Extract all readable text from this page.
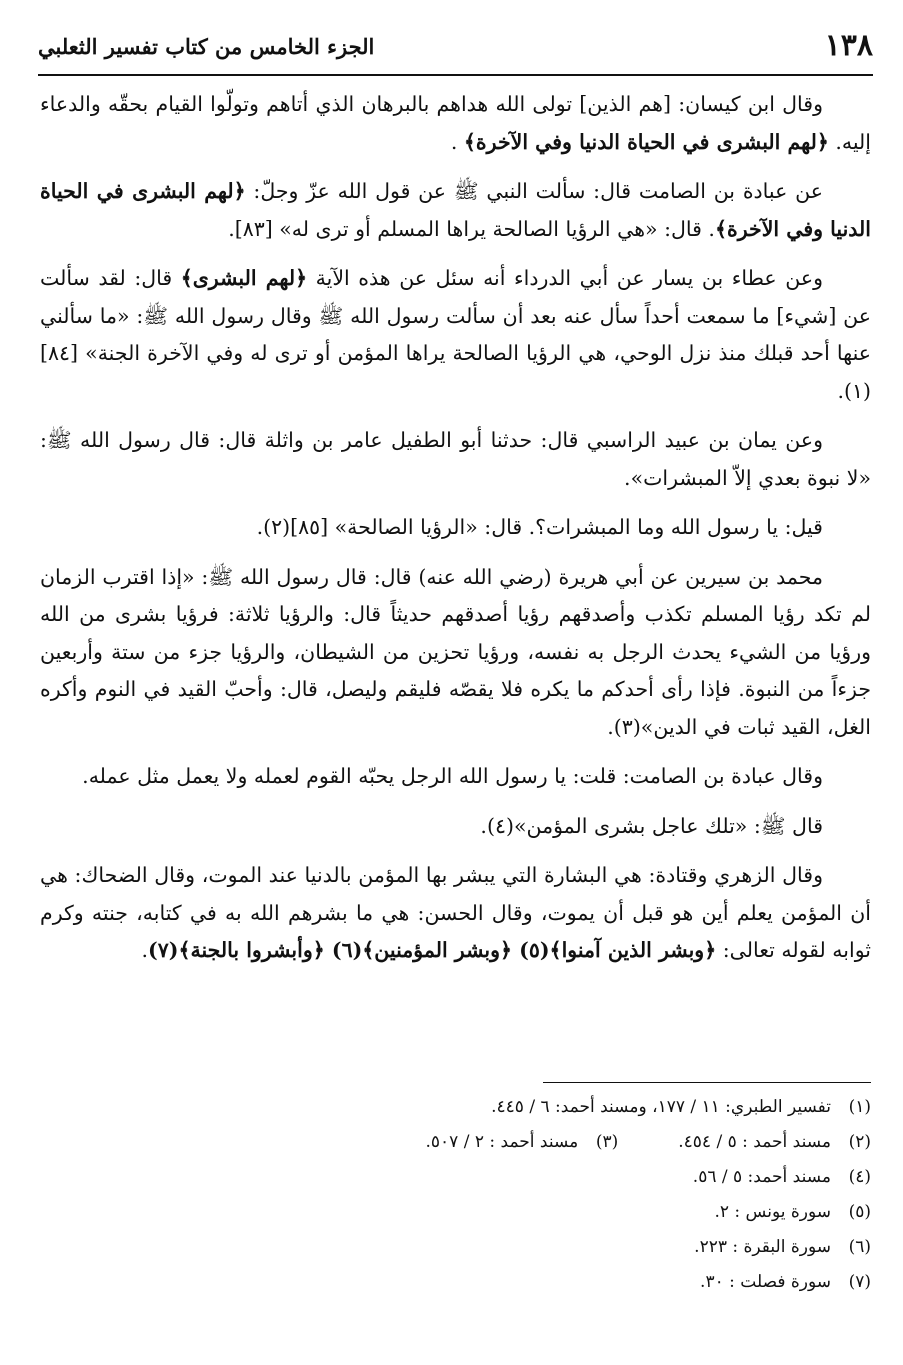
١٣٨
الجزء الخامس من كتاب تفسير الثعلبي

وقال ابن كيسان: [هم الذين] تولى الله هداهم بالبرهان الذي أتاهم وتولّوا القيام بحقّه والدعاء إليه. ﴿لهم البشرى في الحياة الدنيا وفي الآخرة﴾ .

عن عبادة بن الصامت قال: سألت النبي ﷺ عن قول الله عزّ وجلّ: ﴿لهم البشرى في الحياة الدنيا وفي الآخرة﴾. قال: «هي الرؤيا الصالحة يراها المسلم أو ترى له» [٨٣].

وعن عطاء بن يسار عن أبي الدرداء أنه سئل عن هذه الآية ﴿لهم البشرى﴾ قال: لقد سألت عن [شيء] ما سمعت أحداً سأل عنه بعد أن سألت رسول الله ﷺ وقال رسول الله ﷺ: «ما سألني عنها أحد قبلك منذ نزل الوحي، هي الرؤيا الصالحة يراها المؤمن أو ترى له وفي الآخرة الجنة» [٨٤](١).

وعن يمان بن عبيد الراسبي قال: حدثنا أبو الطفيل عامر بن واثلة قال: قال رسول الله ﷺ: «لا نبوة بعدي إلاّ المبشرات».

قيل: يا رسول الله وما المبشرات؟. قال: «الرؤيا الصالحة» [٨٥](٢).

محمد بن سيرين عن أبي هريرة (رضي الله عنه) قال: قال رسول الله ﷺ: «إذا اقترب الزمان لم تكد رؤيا المسلم تكذب وأصدقهم رؤيا أصدقهم حديثاً قال: والرؤيا ثلاثة: فرؤيا بشرى من الله ورؤيا من الشيء يحدث الرجل به نفسه، ورؤيا تحزين من الشيطان، والرؤيا جزء من ستة وأربعين جزءاً من النبوة. فإذا رأى أحدكم ما يكره فلا يقصّه فليقم وليصل، قال: وأحبّ القيد في النوم وأكره الغل، القيد ثبات في الدين»(٣).

وقال عبادة بن الصامت: قلت: يا رسول الله الرجل يحبّه القوم لعمله ولا يعمل مثل عمله.

قال ﷺ: «تلك عاجل بشرى المؤمن»(٤).

وقال الزهري وقتادة: هي البشارة التي يبشر بها المؤمن بالدنيا عند الموت، وقال الضحاك: هي أن المؤمن يعلم أين هو قبل أن يموت، وقال الحسن: هي ما بشرهم الله به في كتابه، جنته وكرم ثوابه لقوله تعالى: ﴿وبشر الذين آمنوا﴾(٥) ﴿وبشر المؤمنين﴾(٦) ﴿وأبشروا بالجنة﴾(٧).

(١)
تفسير الطبري: ١١ / ١٧٧، ومسند أحمد: ٦ / ٤٤٥.
(٢)
مسند أحمد : ٥ / ٤٥٤.
(٣)
مسند أحمد : ٢ / ٥٠٧.
(٤)
مسند أحمد: ٥ / ٥٦.
(٥)
سورة يونس : ٢.
(٦)
سورة البقرة : ٢٢٣.
(٧)
سورة فصلت : ٣٠.
